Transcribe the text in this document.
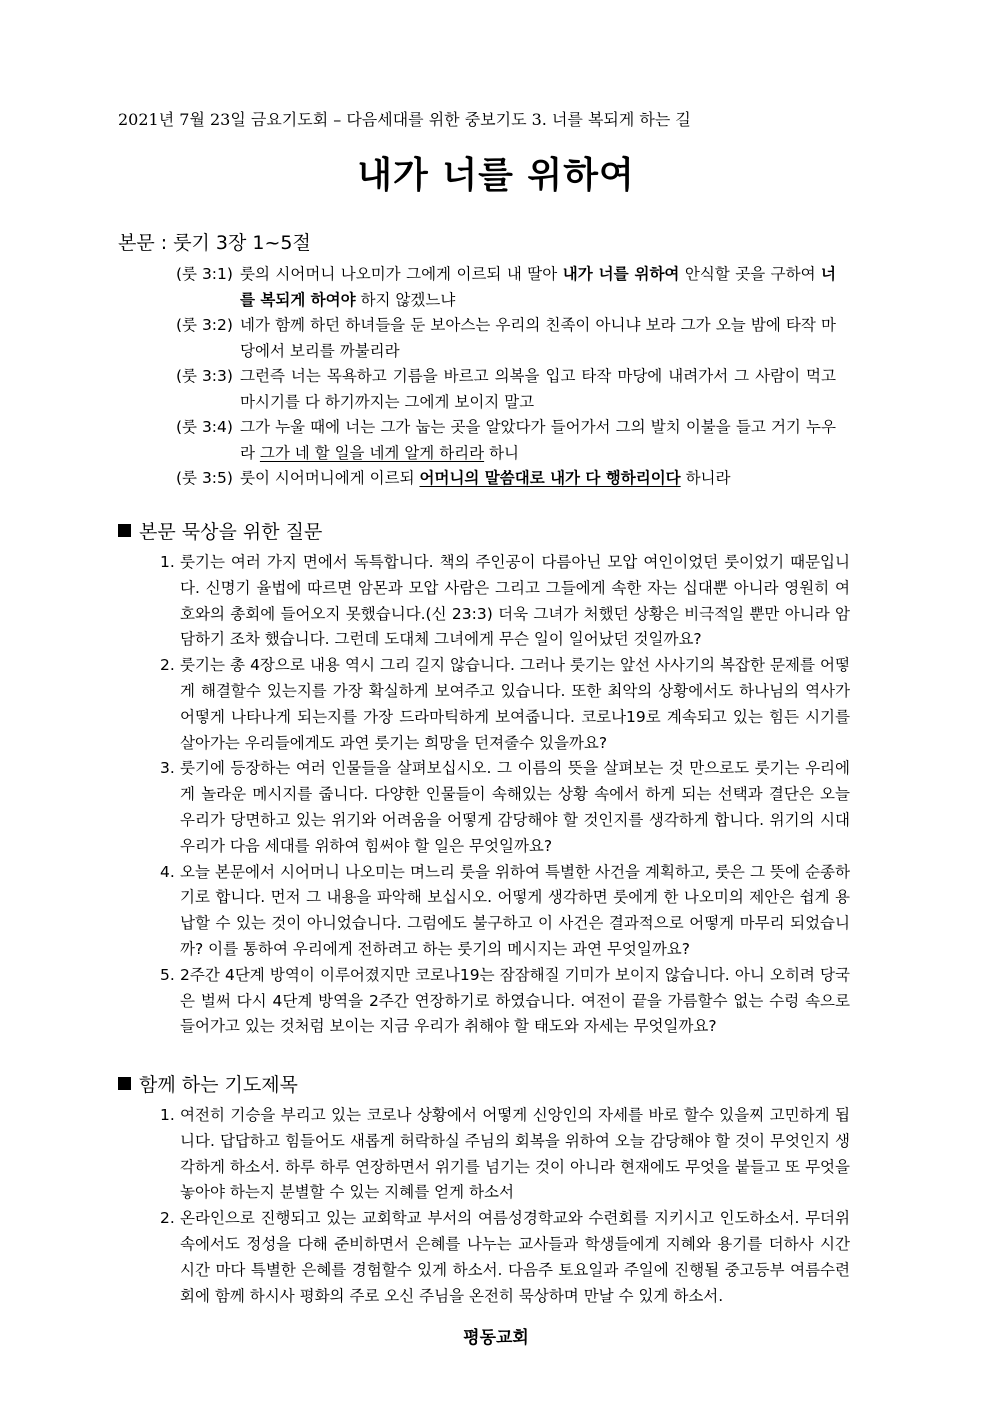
2021년 7월 23일 금요기도회 – 다음세대를 위한 중보기도 3. 너를 복되게 하는 길
내가 너를 위하여
본문 : 룻기 3장 1~5절
(룻 3:1) 룻의 시어머니 나오미가 그에게 이르되 내 딸아 내가 너를 위하여 안식할 곳을 구하여 너를 복되게 하여야 하지 않겠느냐
(룻 3:2) 네가 함께 하던 하녀들을 둔 보아스는 우리의 친족이 아니냐 보라 그가 오늘 밤에 타작 마당에서 보리를 까불리라
(룻 3:3) 그런즉 너는 목욕하고 기름을 바르고 의복을 입고 타작 마당에 내려가서 그 사람이 먹고 마시기를 다 하기까지는 그에게 보이지 말고
(룻 3:4) 그가 누울 때에 너는 그가 눕는 곳을 알았다가 들어가서 그의 발치 이불을 들고 거기 누우라 그가 네 할 일을 네게 알게 하리라 하니
(룻 3:5) 룻이 시어머니에게 이르되 어머니의 말씀대로 내가 다 행하리이다 하니라
본문 묵상을 위한 질문
1. 룻기는 여러 가지 면에서 독특합니다. 책의 주인공이 다름아닌 모압 여인이었던 룻이었기 때문입니다. 신명기 율법에 따르면 암몬과 모압 사람은 그리고 그들에게 속한 자는 십대뿐 아니라 영원히 여호와의 총회에 들어오지 못했습니다.(신 23:3) 더욱 그녀가 처했던 상황은 비극적일 뿐만 아니라 암담하기 조차 했습니다. 그런데 도대체 그녀에게 무슨 일이 일어났던 것일까요?
2. 룻기는 총 4장으로 내용 역시 그리 길지 않습니다. 그러나 룻기는 앞선 사사기의 복잡한 문제를 어떻게 해결할수 있는지를 가장 확실하게 보여주고 있습니다. 또한 최악의 상황에서도 하나님의 역사가 어떻게 나타나게 되는지를 가장 드라마틱하게 보여줍니다. 코로나19로 계속되고 있는 힘든 시기를 살아가는 우리들에게도 과연 룻기는 희망을 던져줄수 있을까요?
3. 룻기에 등장하는 여러 인물들을 살펴보십시오. 그 이름의 뜻을 살펴보는 것 만으로도 룻기는 우리에게 놀라운 메시지를 줍니다. 다양한 인물들이 속해있는 상황 속에서 하게 되는 선택과 결단은 오늘 우리가 당면하고 있는 위기와 어려움을 어떻게 감당해야 할 것인지를 생각하게 합니다. 위기의 시대 우리가 다음 세대를 위하여 힘써야 할 일은 무엇일까요?
4. 오늘 본문에서 시어머니 나오미는 며느리 룻을 위하여 특별한 사건을 계획하고, 룻은 그 뜻에 순종하기로 합니다. 먼저 그 내용을 파악해 보십시오. 어떻게 생각하면 룻에게 한 나오미의 제안은 쉽게 용납할 수 있는 것이 아니었습니다. 그럼에도 불구하고 이 사건은 결과적으로 어떻게 마무리 되었습니까? 이를 통하여 우리에게 전하려고 하는 룻기의 메시지는 과연 무엇일까요?
5. 2주간 4단계 방역이 이루어졌지만 코로나19는 잠잠해질 기미가 보이지 않습니다. 아니 오히려 당국은 벌써 다시 4단계 방역을 2주간 연장하기로 하였습니다. 여전이 끝을 가름할수 없는 수렁 속으로 들어가고 있는 것처럼 보이는 지금 우리가 취해야 할 태도와 자세는 무엇일까요?
함께 하는 기도제목
1. 여전히 기승을 부리고 있는 코로나 상황에서 어떻게 신앙인의 자세를 바로 할수 있을찌 고민하게 됩니다. 답답하고 힘들어도 새롭게 허락하실 주님의 회복을 위하여 오늘 감당해야 할 것이 무엇인지 생각하게 하소서. 하루 하루 연장하면서 위기를 넘기는 것이 아니라 현재에도 무엇을 붙들고 또 무엇을 놓아야 하는지 분별할 수 있는 지혜를 얻게 하소서
2. 온라인으로 진행되고 있는 교회학교 부서의 여름성경학교와 수련회를 지키시고 인도하소서. 무더위 속에서도 정성을 다해 준비하면서 은혜를 나누는 교사들과 학생들에게 지혜와 용기를 더하사 시간 시간 마다 특별한 은혜를 경험할수 있게 하소서. 다음주 토요일과 주일에 진행될 중고등부 여름수련회에 함께 하시사 평화의 주로 오신 주님을 온전히 묵상하며 만날 수 있게 하소서.
평동교회
